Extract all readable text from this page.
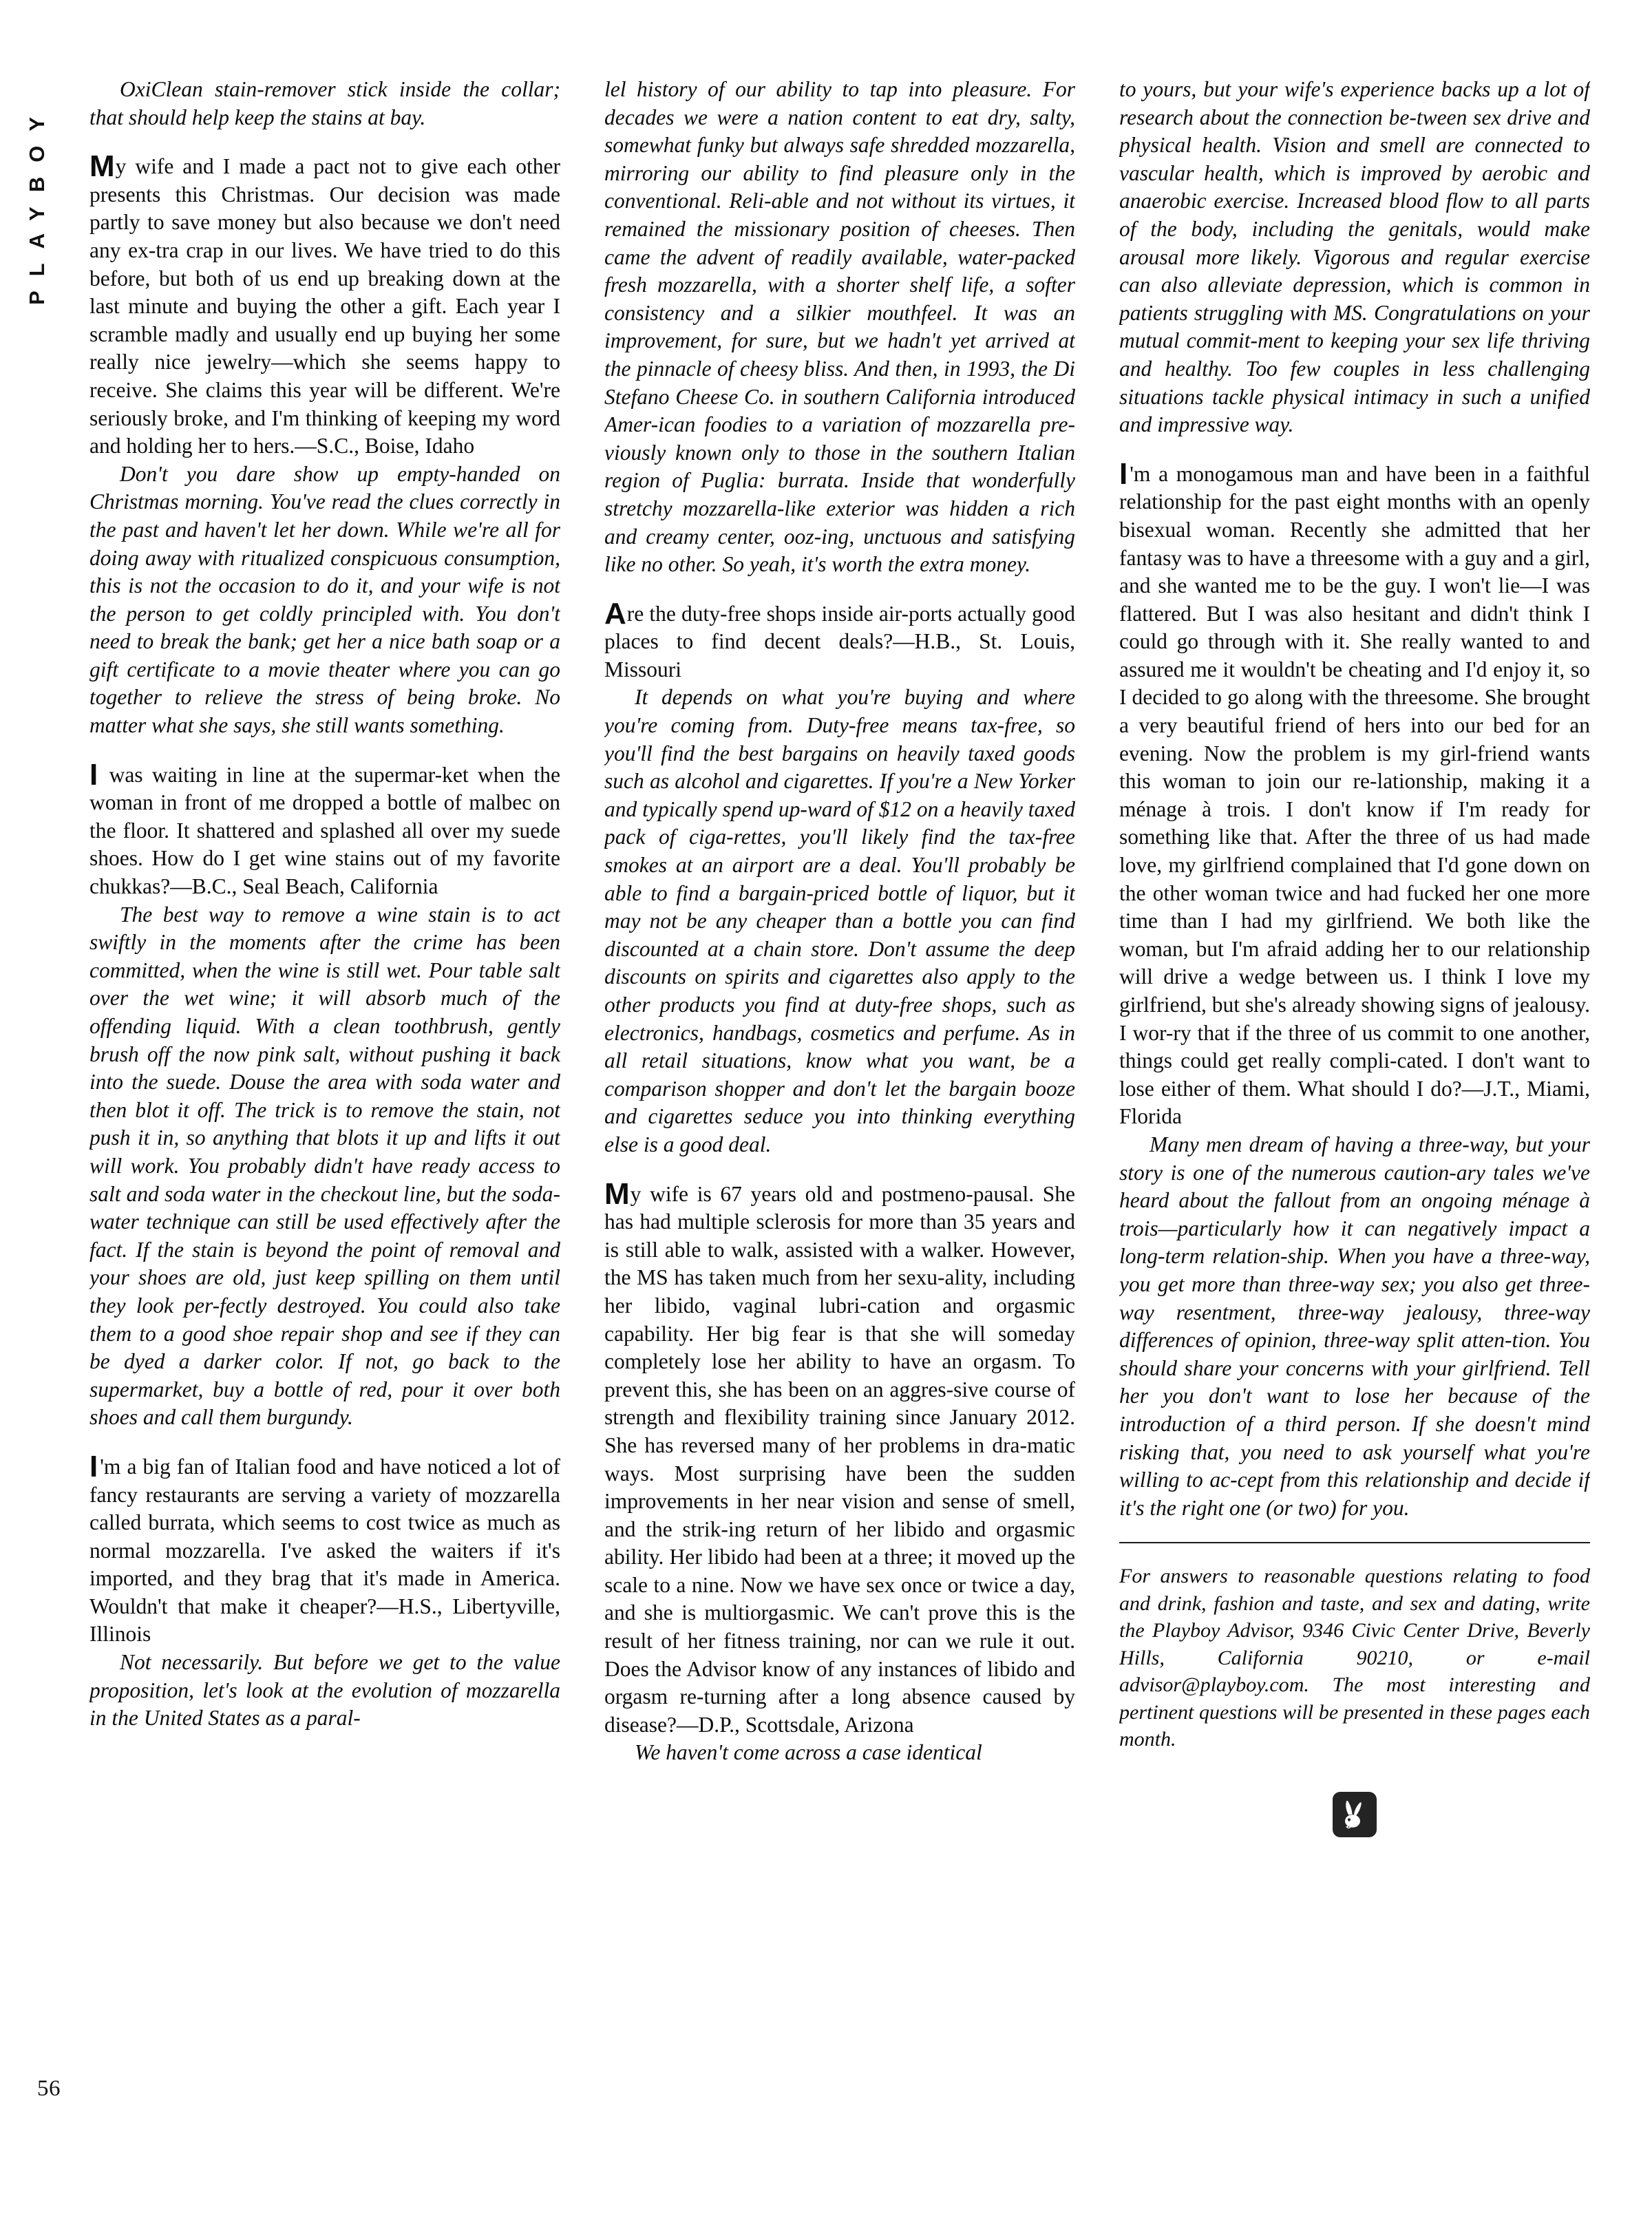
PLAYBOY
56

OxiClean stain-remover stick inside the collar; that should help keep the stains at bay.

My wife and I made a pact not to give each other presents this Christmas. Our decision was made partly to save money but also because we don't need any ex-tra crap in our lives. We have tried to do this before, but both of us end up breaking down at the last minute and buying the other a gift. Each year I scramble madly and usually end up buying her some really nice jewelry—which she seems happy to receive. She claims this year will be different. We're seriously broke, and I'm thinking of keeping my word and holding her to hers.—S.C., Boise, Idaho

Don't you dare show up empty-handed on Christmas morning. You've read the clues correctly in the past and haven't let her down. While we're all for doing away with ritualized conspicuous consumption, this is not the occasion to do it, and your wife is not the person to get coldly principled with. You don't need to break the bank; get her a nice bath soap or a gift certificate to a movie theater where you can go together to relieve the stress of being broke. No matter what she says, she still wants something.

I was waiting in line at the supermar-ket when the woman in front of me dropped a bottle of malbec on the floor. It shattered and splashed all over my suede shoes. How do I get wine stains out of my favorite chukkas?—B.C., Seal Beach, California

The best way to remove a wine stain is to act swiftly in the moments after the crime has been committed, when the wine is still wet. Pour table salt over the wet wine; it will absorb much of the offending liquid. With a clean toothbrush, gently brush off the now pink salt, without pushing it back into the suede. Douse the area with soda water and then blot it off. The trick is to remove the stain, not push it in, so anything that blots it up and lifts it out will work. You probably didn't have ready access to salt and soda water in the checkout line, but the soda-water technique can still be used effectively after the fact. If the stain is beyond the point of removal and your shoes are old, just keep spilling on them until they look per-fectly destroyed. You could also take them to a good shoe repair shop and see if they can be dyed a darker color. If not, go back to the supermarket, buy a bottle of red, pour it over both shoes and call them burgundy.

I'm a big fan of Italian food and have noticed a lot of fancy restaurants are serving a variety of mozzarella called burrata, which seems to cost twice as much as normal mozzarella. I've asked the waiters if it's imported, and they brag that it's made in America. Wouldn't that make it cheaper?—H.S., Libertyville, Illinois

Not necessarily. But before we get to the value proposition, let's look at the evolution of mozzarella in the United States as a paral-

lel history of our ability to tap into pleasure. For decades we were a nation content to eat dry, salty, somewhat funky but always safe shredded mozzarella, mirroring our ability to find pleasure only in the conventional. Reli-able and not without its virtues, it remained the missionary position of cheeses. Then came the advent of readily available, water-packed fresh mozzarella, with a shorter shelf life, a softer consistency and a silkier mouthfeel. It was an improvement, for sure, but we hadn't yet arrived at the pinnacle of cheesy bliss. And then, in 1993, the Di Stefano Cheese Co. in southern California introduced Amer-ican foodies to a variation of mozzarella pre-viously known only to those in the southern Italian region of Puglia: burrata. Inside that wonderfully stretchy mozzarella-like exterior was hidden a rich and creamy center, ooz-ing, unctuous and satisfying like no other. So yeah, it's worth the extra money.

Are the duty-free shops inside air-ports actually good places to find decent deals?—H.B., St. Louis, Missouri

It depends on what you're buying and where you're coming from. Duty-free means tax-free, so you'll find the best bargains on heavily taxed goods such as alcohol and cigarettes. If you're a New Yorker and typically spend up-ward of $12 on a heavily taxed pack of ciga-rettes, you'll likely find the tax-free smokes at an airport are a deal. You'll probably be able to find a bargain-priced bottle of liquor, but it may not be any cheaper than a bottle you can find discounted at a chain store. Don't assume the deep discounts on spirits and cigarettes also apply to the other products you find at duty-free shops, such as electronics, handbags, cosmetics and perfume. As in all retail situations, know what you want, be a comparison shopper and don't let the bargain booze and cigarettes seduce you into thinking everything else is a good deal.

My wife is 67 years old and postmeno-pausal. She has had multiple sclerosis for more than 35 years and is still able to walk, assisted with a walker. However, the MS has taken much from her sexu-ality, including her libido, vaginal lubri-cation and orgasmic capability. Her big fear is that she will someday completely lose her ability to have an orgasm. To prevent this, she has been on an aggres-sive course of strength and flexibility training since January 2012. She has reversed many of her problems in dra-matic ways. Most surprising have been the sudden improvements in her near vision and sense of smell, and the strik-ing return of her libido and orgasmic ability. Her libido had been at a three; it moved up the scale to a nine. Now we have sex once or twice a day, and she is multiorgasmic. We can't prove this is the result of her fitness training, nor can we rule it out. Does the Advisor know of any instances of libido and orgasm re-turning after a long absence caused by disease?—D.P., Scottsdale, Arizona

We haven't come across a case identical

to yours, but your wife's experience backs up a lot of research about the connection be-tween sex drive and physical health. Vision and smell are connected to vascular health, which is improved by aerobic and anaerobic exercise. Increased blood flow to all parts of the body, including the genitals, would make arousal more likely. Vigorous and regular exercise can also alleviate depression, which is common in patients struggling with MS. Congratulations on your mutual commit-ment to keeping your sex life thriving and healthy. Too few couples in less challenging situations tackle physical intimacy in such a unified and impressive way.

I'm a monogamous man and have been in a faithful relationship for the past eight months with an openly bisexual woman. Recently she admitted that her fantasy was to have a threesome with a guy and a girl, and she wanted me to be the guy. I won't lie—I was flattered. But I was also hesitant and didn't think I could go through with it. She really wanted to and assured me it wouldn't be cheating and I'd enjoy it, so I decided to go along with the threesome. She brought a very beautiful friend of hers into our bed for an evening. Now the problem is my girl-friend wants this woman to join our re-lationship, making it a ménage à trois. I don't know if I'm ready for something like that. After the three of us had made love, my girlfriend complained that I'd gone down on the other woman twice and had fucked her one more time than I had my girlfriend. We both like the woman, but I'm afraid adding her to our relationship will drive a wedge between us. I think I love my girlfriend, but she's already showing signs of jealousy. I wor-ry that if the three of us commit to one another, things could get really compli-cated. I don't want to lose either of them. What should I do?—J.T., Miami, Florida

Many men dream of having a three-way, but your story is one of the numerous caution-ary tales we've heard about the fallout from an ongoing ménage à trois—particularly how it can negatively impact a long-term relation-ship. When you have a three-way, you get more than three-way sex; you also get three-way resentment, three-way jealousy, three-way differences of opinion, three-way split atten-tion. You should share your concerns with your girlfriend. Tell her you don't want to lose her because of the introduction of a third person. If she doesn't mind risking that, you need to ask yourself what you're willing to ac-cept from this relationship and decide if it's the right one (or two) for you.

For answers to reasonable questions relating to food and drink, fashion and taste, and sex and dating, write the Playboy Advisor, 9346 Civic Center Drive, Beverly Hills, California 90210, or e-mail advisor@playboy.com. The most interesting and pertinent questions will be presented in these pages each month.
